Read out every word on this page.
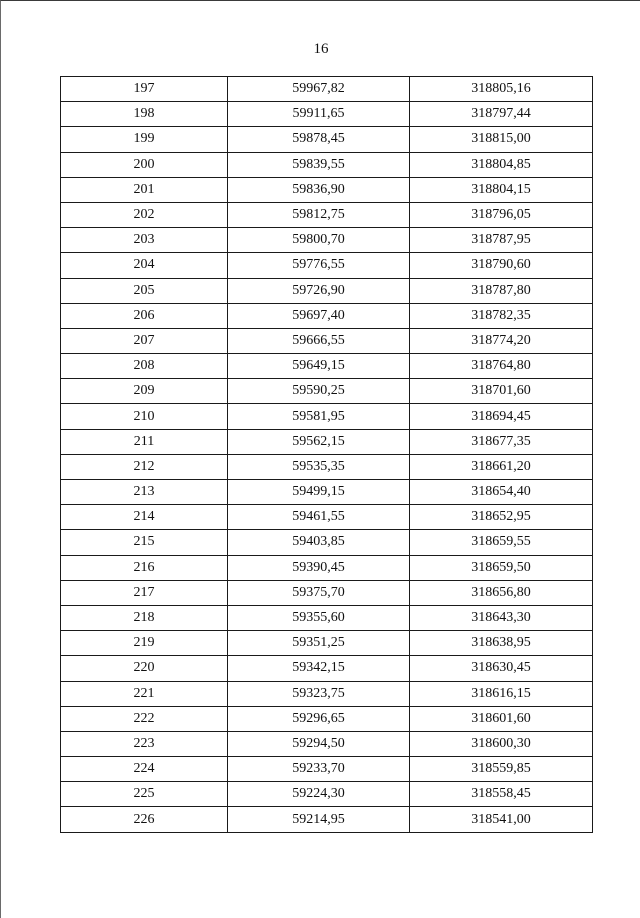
16
197	59967,82	318805,16
198	59911,65	318797,44
199	59878,45	318815,00
200	59839,55	318804,85
201	59836,90	318804,15
202	59812,75	318796,05
203	59800,70	318787,95
204	59776,55	318790,60
205	59726,90	318787,80
206	59697,40	318782,35
207	59666,55	318774,20
208	59649,15	318764,80
209	59590,25	318701,60
210	59581,95	318694,45
211	59562,15	318677,35
212	59535,35	318661,20
213	59499,15	318654,40
214	59461,55	318652,95
215	59403,85	318659,55
216	59390,45	318659,50
217	59375,70	318656,80
218	59355,60	318643,30
219	59351,25	318638,95
220	59342,15	318630,45
221	59323,75	318616,15
222	59296,65	318601,60
223	59294,50	318600,30
224	59233,70	318559,85
225	59224,30	318558,45
226	59214,95	318541,00
